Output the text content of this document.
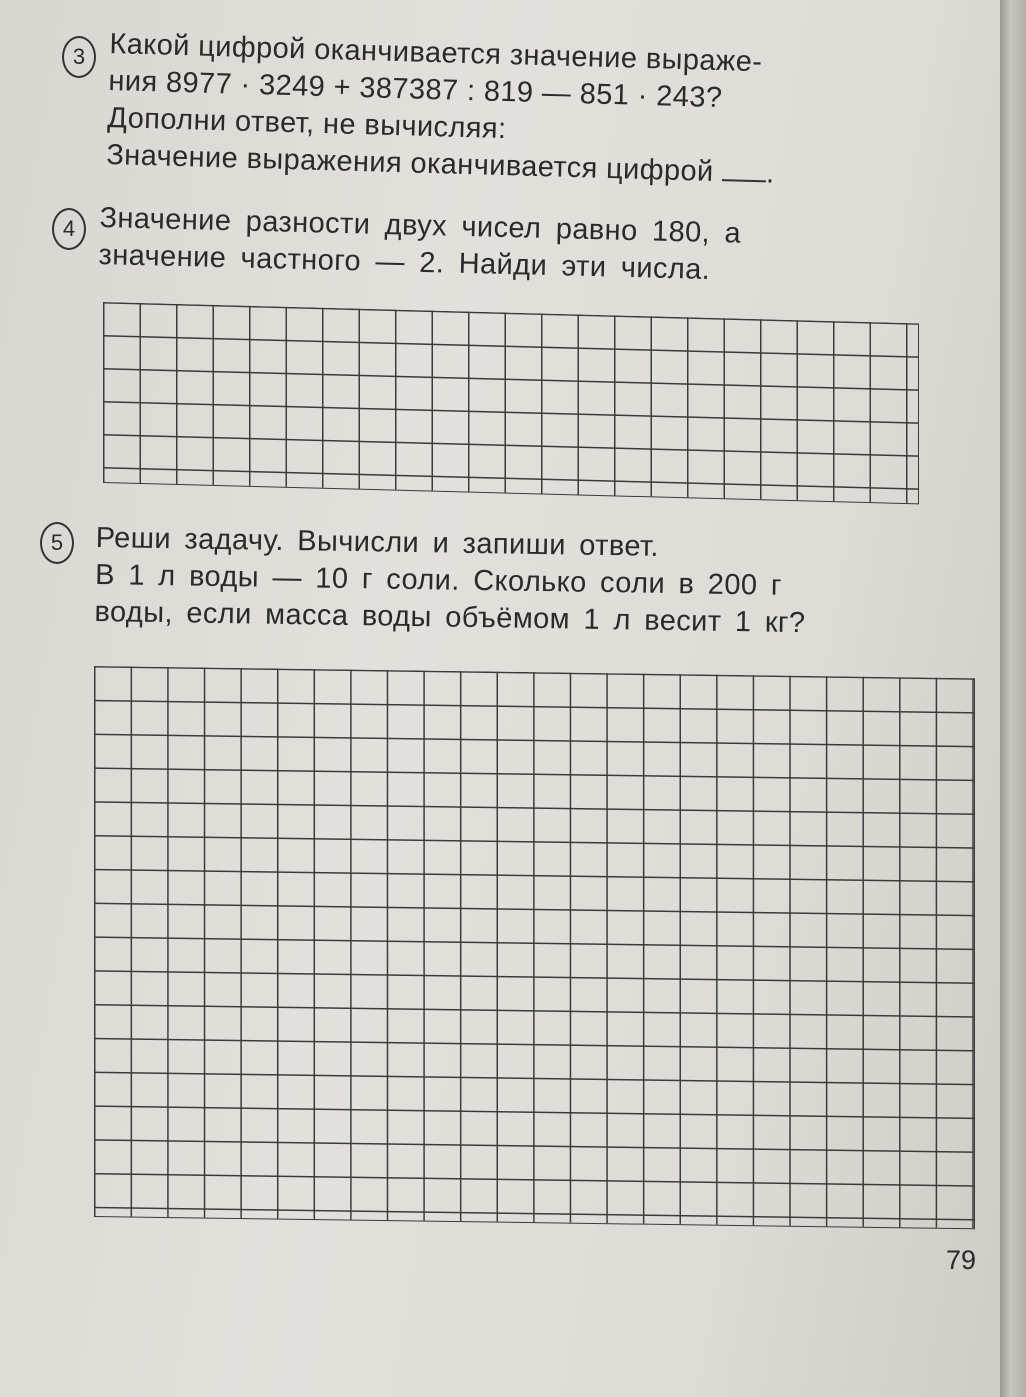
3 Какой цифрой оканчивается значение выраже-
ния 8977 · 3249 + 387387 : 819 — 851 · 243?
Дополни ответ, не вычисляя:
Значение выражения оканчивается цифрой .
4 Значение разности двух чисел равно 180, а
значение частного — 2. Найди эти числа.
5	Реши задачу. Вычисли и запиши ответ.
В 1 л воды — 10 г соли. Сколько соли в 200 г
воды, если масса воды объёмом 1 л весит 1 кг?
79
